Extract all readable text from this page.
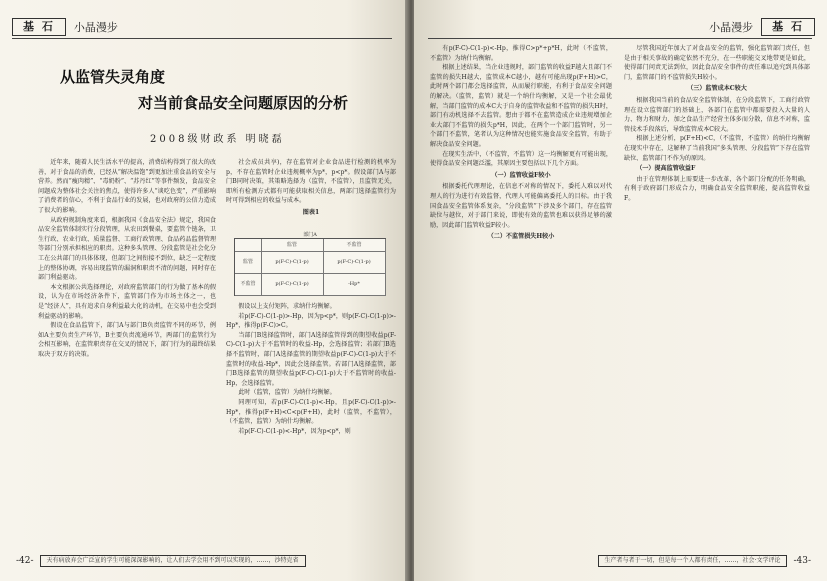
基 石	小晶漫步
从监管失灵角度
对当前食品安全问题原因的分析
2008级财政系 明晓磊

近年来，随着人民生活水平的提高，消费结构得到了很大的改善，对于食品的消费，已经从“解决温饱”到更加注重食品的安全与营养。然而“瘦肉精”、“毒奶粉”、“苏丹红”等事件频发，食品安全问题成为整体社会关注的焦点，使得许多人“谈吃色变”，严重影响了消费者的信心，不利于食品行业的发展，也对政府的公信力造成了很大的影响。

从政府规制角度来看，根据我国《食品安全法》规定，我国食品安全监管体制实行分段管理，从农田到餐桌，要监管个链条，卫生行政、农业行政、质量监督、工商行政管理、食品药品监督管理等部门分别承担相应的职责。这种多头管理、分段监管是社会化分工在公共部门的具体体现，但部门之间衔接不到位，缺乏一定程度上的整体协调，容易出现监管的漏洞和职责不清的问题，同时存在部门利益驱动。

本文根据公共选择理论，对政府监管部门的行为做了基本的假设，认为在市场经济条件下，监管部门作为市场主体之一，也是“经济人”，具有追求自身利益最大化的动机，在交易中也会受到利益驱动的影响。

假设在食品监管下，部门A与部门B负责监管不同的环节，例如A主要负责生产环节，B主要负责流通环节，两部门的监管行为会相互影响，在监管职责存在交叉的情况下，部门行为的最终结果取决于双方的决策。

社会成员共享)，存在监管对企业食品进行检测的机率为p，不存在监管时企业违规概率为p*，p<p*。假设部门A与部门B同时决策，其策略选择为（监管，不监管），且监管无关，即所有检测方式都有可能获取相关信息，两部门选择监管行为时可得到相应的收益与成本。

图表1

部门A
监管	不监管
监管	p(F-C)-C(1-p)	p(F-C)-C(1-p)
不监管	p(F-C)-C(1-p)	-Hp*

假设以上支付矩阵，求纳什均衡解。

若p(F-C)-C(1-p)>-Hp，因为p<p*，则p(F-C)-C(1-p)>-Hp*，推得p(F-C)>C。

当部门B选择监管时，部门A选择监管得到的期望收益p(F-C)-C(1-p)大于不监管时的收益-Hp，会选择监管；若部门B选择不监管时，部门A选择监管的期望收益p(F-C)-C(1-p)大于不监管时的收益-Hp*，因此会选择监管。若部门A选择监管，部门B选择监管的期望收益p(F-C)-C(1-p)大于不监管时的收益-Hp，会选择监管。

此时（监管，监管）为纳什均衡解。

同理可知，若p(F-C)-C(1-p)<-Hp，且p(F-C)-C(1-p)>-Hp*，推得p(F+H)<C<p(F+H)，此时（监管，不监管），（不监管，监管）为纳什均衡解。

若p(F-C)-C(1-p)<-Hp*，因为p<p*，则

-42-	天有病放弃会广泛宣的学生可能深深影响的，让人们去学会用不到可以实现的，……，沙特克省
基 石
小晶漫步

有p(F-C)-C(1-p)<-Hp，推得C>p*+p*H，此时（不监管，不监管）为纳什均衡解。

根据上述结果，当企业违规时，部门监管的收益F越大且部门不监管的损失H越大，监管成本C越小，越有可能出现p(F+H)>C，此时两个部门都会选择监管，从而履行职能，有利于食品安全问题的解决。（监管，监管）就是一个纳什均衡解，又是一个社会最优解，当部门监管的成本C大于自身的监管收益和不监管的损失H时，部门有动机选择不去监管。想由于都不在监管造成企业违规增加企业大部门不监管的损失p*H，因此，在两个一个部门监管时，另一个部门不监管，笔者认为这种情况也能实施食品安全监管，有助于解决食品安全问题。

在现实生活中，（不监管，不监管）这一均衡解更有可能出现，使得食品安全问题泛滥，其原因主要包括以下几个方面。

（一）监管收益F较小

根据委托代理理论，在信息不对称的情况下，委托人难以对代理人的行为进行有效监督，代理人可能偏离委托人的目标。由于我国食品安全监管体系复杂，“分段监管”下涉及多个部门，存在监管缺位与越位，对于部门来说，即使有效的监管也难以获得足够的激励，因此部门监管收益F较小。

（二）不监管损失H较小

尽管我国近年加大了对食品安全的监管，强化监管部门责任，但是由于相关事故的确定依然不充分，在一些职能交叉地带更是如此，使得部门问责无法到位，因此食品安全事件的责任难以追究到具体部门，监管部门的不监管损失H较小。

（三）监管成本C较大

根据我国当前的食品安全监管体制，在分段监管下，工商行政管理在设立监管部门的基础上，各部门在监管中都需要投入大量的人力、物力和财力，加之食品生产经营主体多而分散，信息不对称，监管技术手段落后，导致监管成本C较大。

根据上述分析，p(F+H)<C，（不监管，不监管）的纳什均衡解在现实中存在，这解释了当前我国“多头管理、分段监管”下存在监管缺位、监管部门不作为的原因。

（一）提高监管收益F

由于在管理体制上需要进一步改革，各个部门分配的任务明确，有利于政府部门形成合力，明确食品安全监管职能，提高监管收益F。

-43-
生产者与者于一切，但是每一个人都有责任，……，社会·文学评论
